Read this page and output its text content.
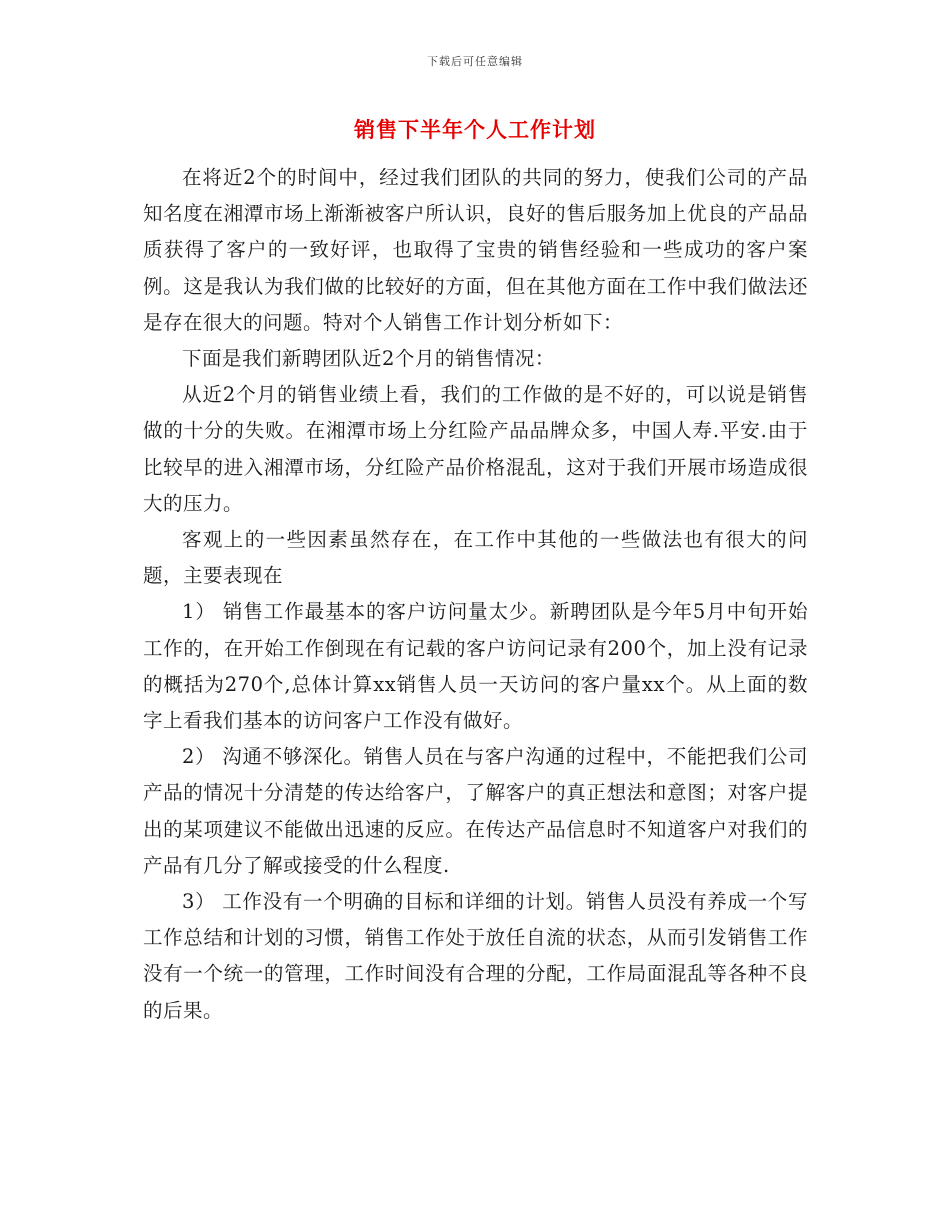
下载后可任意编辑
销售下半年个人工作计划

在将近2个的时间中，经过我们团队的共同的努力，使我们公司的产品知名度在湘潭市场上渐渐被客户所认识，良好的售后服务加上优良的产品品质获得了客户的一致好评，也取得了宝贵的销售经验和一些成功的客户案例。这是我认为我们做的比较好的方面，但在其他方面在工作中我们做法还是存在很大的问题。特对个人销售工作计划分析如下：

下面是我们新聘团队近2个月的销售情况：

从近2个月的销售业绩上看，我们的工作做的是不好的，可以说是销售做的十分的失败。在湘潭市场上分红险产品品牌众多，中国人寿.平安.由于比较早的进入湘潭市场，分红险产品价格混乱，这对于我们开展市场造成很大的压力。

客观上的一些因素虽然存在，在工作中其他的一些做法也有很大的问题，主要表现在

1） 销售工作最基本的客户访问量太少。新聘团队是今年5月中旬开始工作的，在开始工作倒现在有记载的客户访问记录有200个，加上没有记录的概括为270个,总体计算xx销售人员一天访问的客户量xx个。从上面的数字上看我们基本的访问客户工作没有做好。

2） 沟通不够深化。销售人员在与客户沟通的过程中，不能把我们公司产品的情况十分清楚的传达给客户，了解客户的真正想法和意图；对客户提出的某项建议不能做出迅速的反应。在传达产品信息时不知道客户对我们的产品有几分了解或接受的什么程度.

3） 工作没有一个明确的目标和详细的计划。销售人员没有养成一个写工作总结和计划的习惯，销售工作处于放任自流的状态，从而引发销售工作没有一个统一的管理，工作时间没有合理的分配，工作局面混乱等各种不良的后果。
